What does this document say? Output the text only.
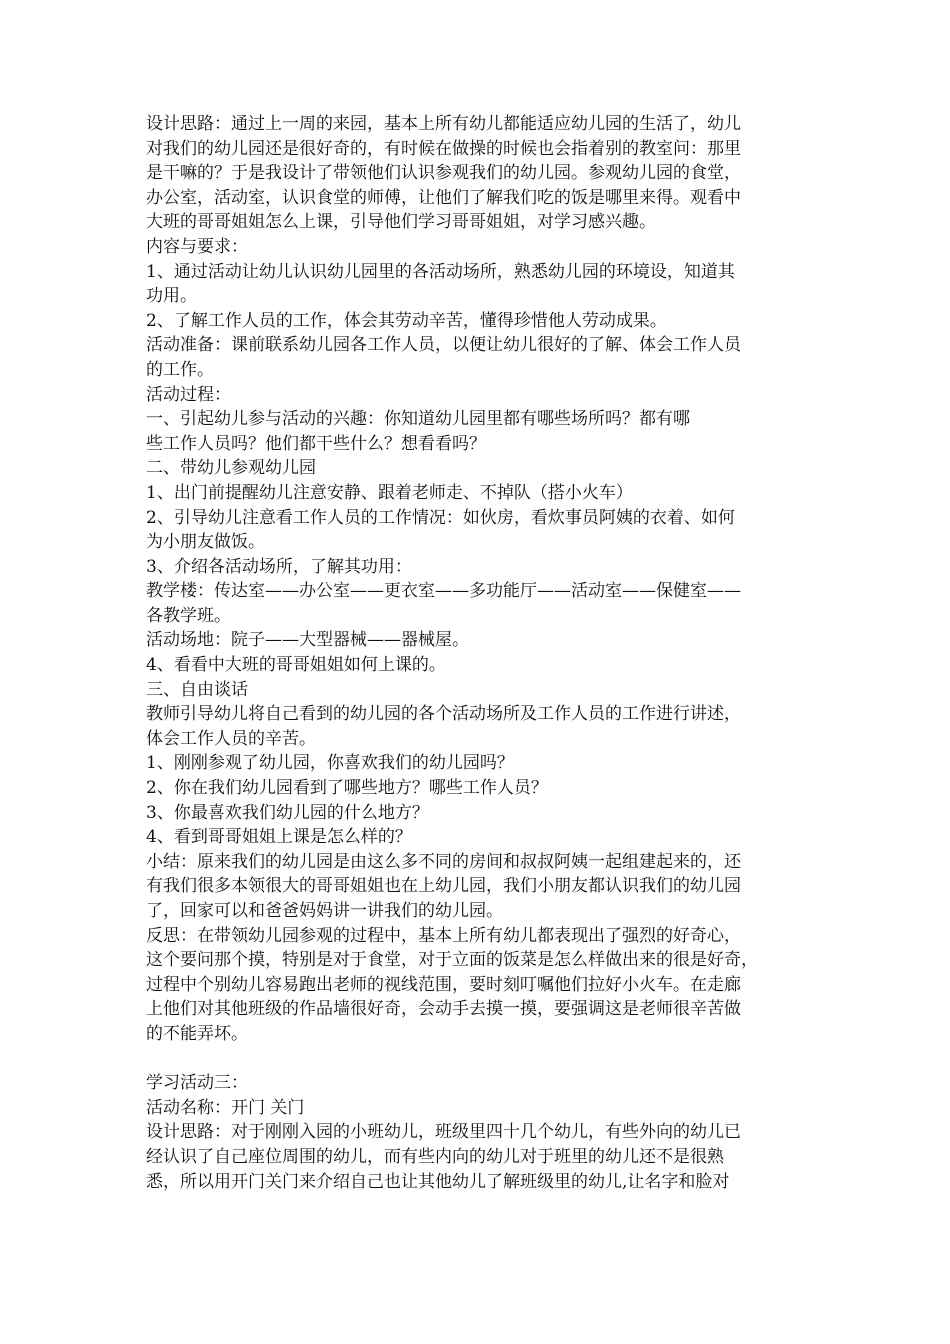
设计思路：通过上一周的来园，基本上所有幼儿都能适应幼儿园的生活了，幼儿
对我们的幼儿园还是很好奇的，有时候在做操的时候也会指着别的教室问：那里
是干嘛的？于是我设计了带领他们认识参观我们的幼儿园。参观幼儿园的食堂，
办公室，活动室，认识食堂的师傅，让他们了解我们吃的饭是哪里来得。观看中
大班的哥哥姐姐怎么上课，引导他们学习哥哥姐姐，对学习感兴趣。
内容与要求：
1、通过活动让幼儿认识幼儿园里的各活动场所，熟悉幼儿园的环境设，知道其
功用。
2、了解工作人员的工作，体会其劳动辛苦，懂得珍惜他人劳动成果。
活动准备：课前联系幼儿园各工作人员，以便让幼儿很好的了解、体会工作人员
的工作。
活动过程：
一、引起幼儿参与活动的兴趣：你知道幼儿园里都有哪些场所吗？都有哪
些工作人员吗？他们都干些什么？想看看吗？
二、带幼儿参观幼儿园
1、出门前提醒幼儿注意安静、跟着老师走、不掉队（搭小火车）
2、引导幼儿注意看工作人员的工作情况：如伙房，看炊事员阿姨的衣着、如何
为小朋友做饭。
3、介绍各活动场所，了解其功用：
教学楼：传达室——办公室——更衣室——多功能厅——活动室——保健室——
各教学班。
活动场地：院子——大型器械——器械屋。
4、看看中大班的哥哥姐姐如何上课的。
三、自由谈话
教师引导幼儿将自己看到的幼儿园的各个活动场所及工作人员的工作进行讲述，
体会工作人员的辛苦。
1、刚刚参观了幼儿园，你喜欢我们的幼儿园吗？
2、你在我们幼儿园看到了哪些地方？哪些工作人员？
3、你最喜欢我们幼儿园的什么地方？
4、看到哥哥姐姐上课是怎么样的？
小结：原来我们的幼儿园是由这么多不同的房间和叔叔阿姨一起组建起来的，还
有我们很多本领很大的哥哥姐姐也在上幼儿园，我们小朋友都认识我们的幼儿园
了，回家可以和爸爸妈妈讲一讲我们的幼儿园。
反思：在带领幼儿园参观的过程中，基本上所有幼儿都表现出了强烈的好奇心，
这个要问那个摸，特别是对于食堂，对于立面的饭菜是怎么样做出来的很是好奇，
过程中个别幼儿容易跑出老师的视线范围，要时刻叮嘱他们拉好小火车。在走廊
上他们对其他班级的作品墙很好奇，会动手去摸一摸，要强调这是老师很辛苦做
的不能弄坏。
学习活动三：
活动名称：开门 关门
设计思路：对于刚刚入园的小班幼儿，班级里四十几个幼儿，有些外向的幼儿已
经认识了自己座位周围的幼儿，而有些内向的幼儿对于班里的幼儿还不是很熟
悉，所以用开门关门来介绍自己也让其他幼儿了解班级里的幼儿,让名字和脸对
